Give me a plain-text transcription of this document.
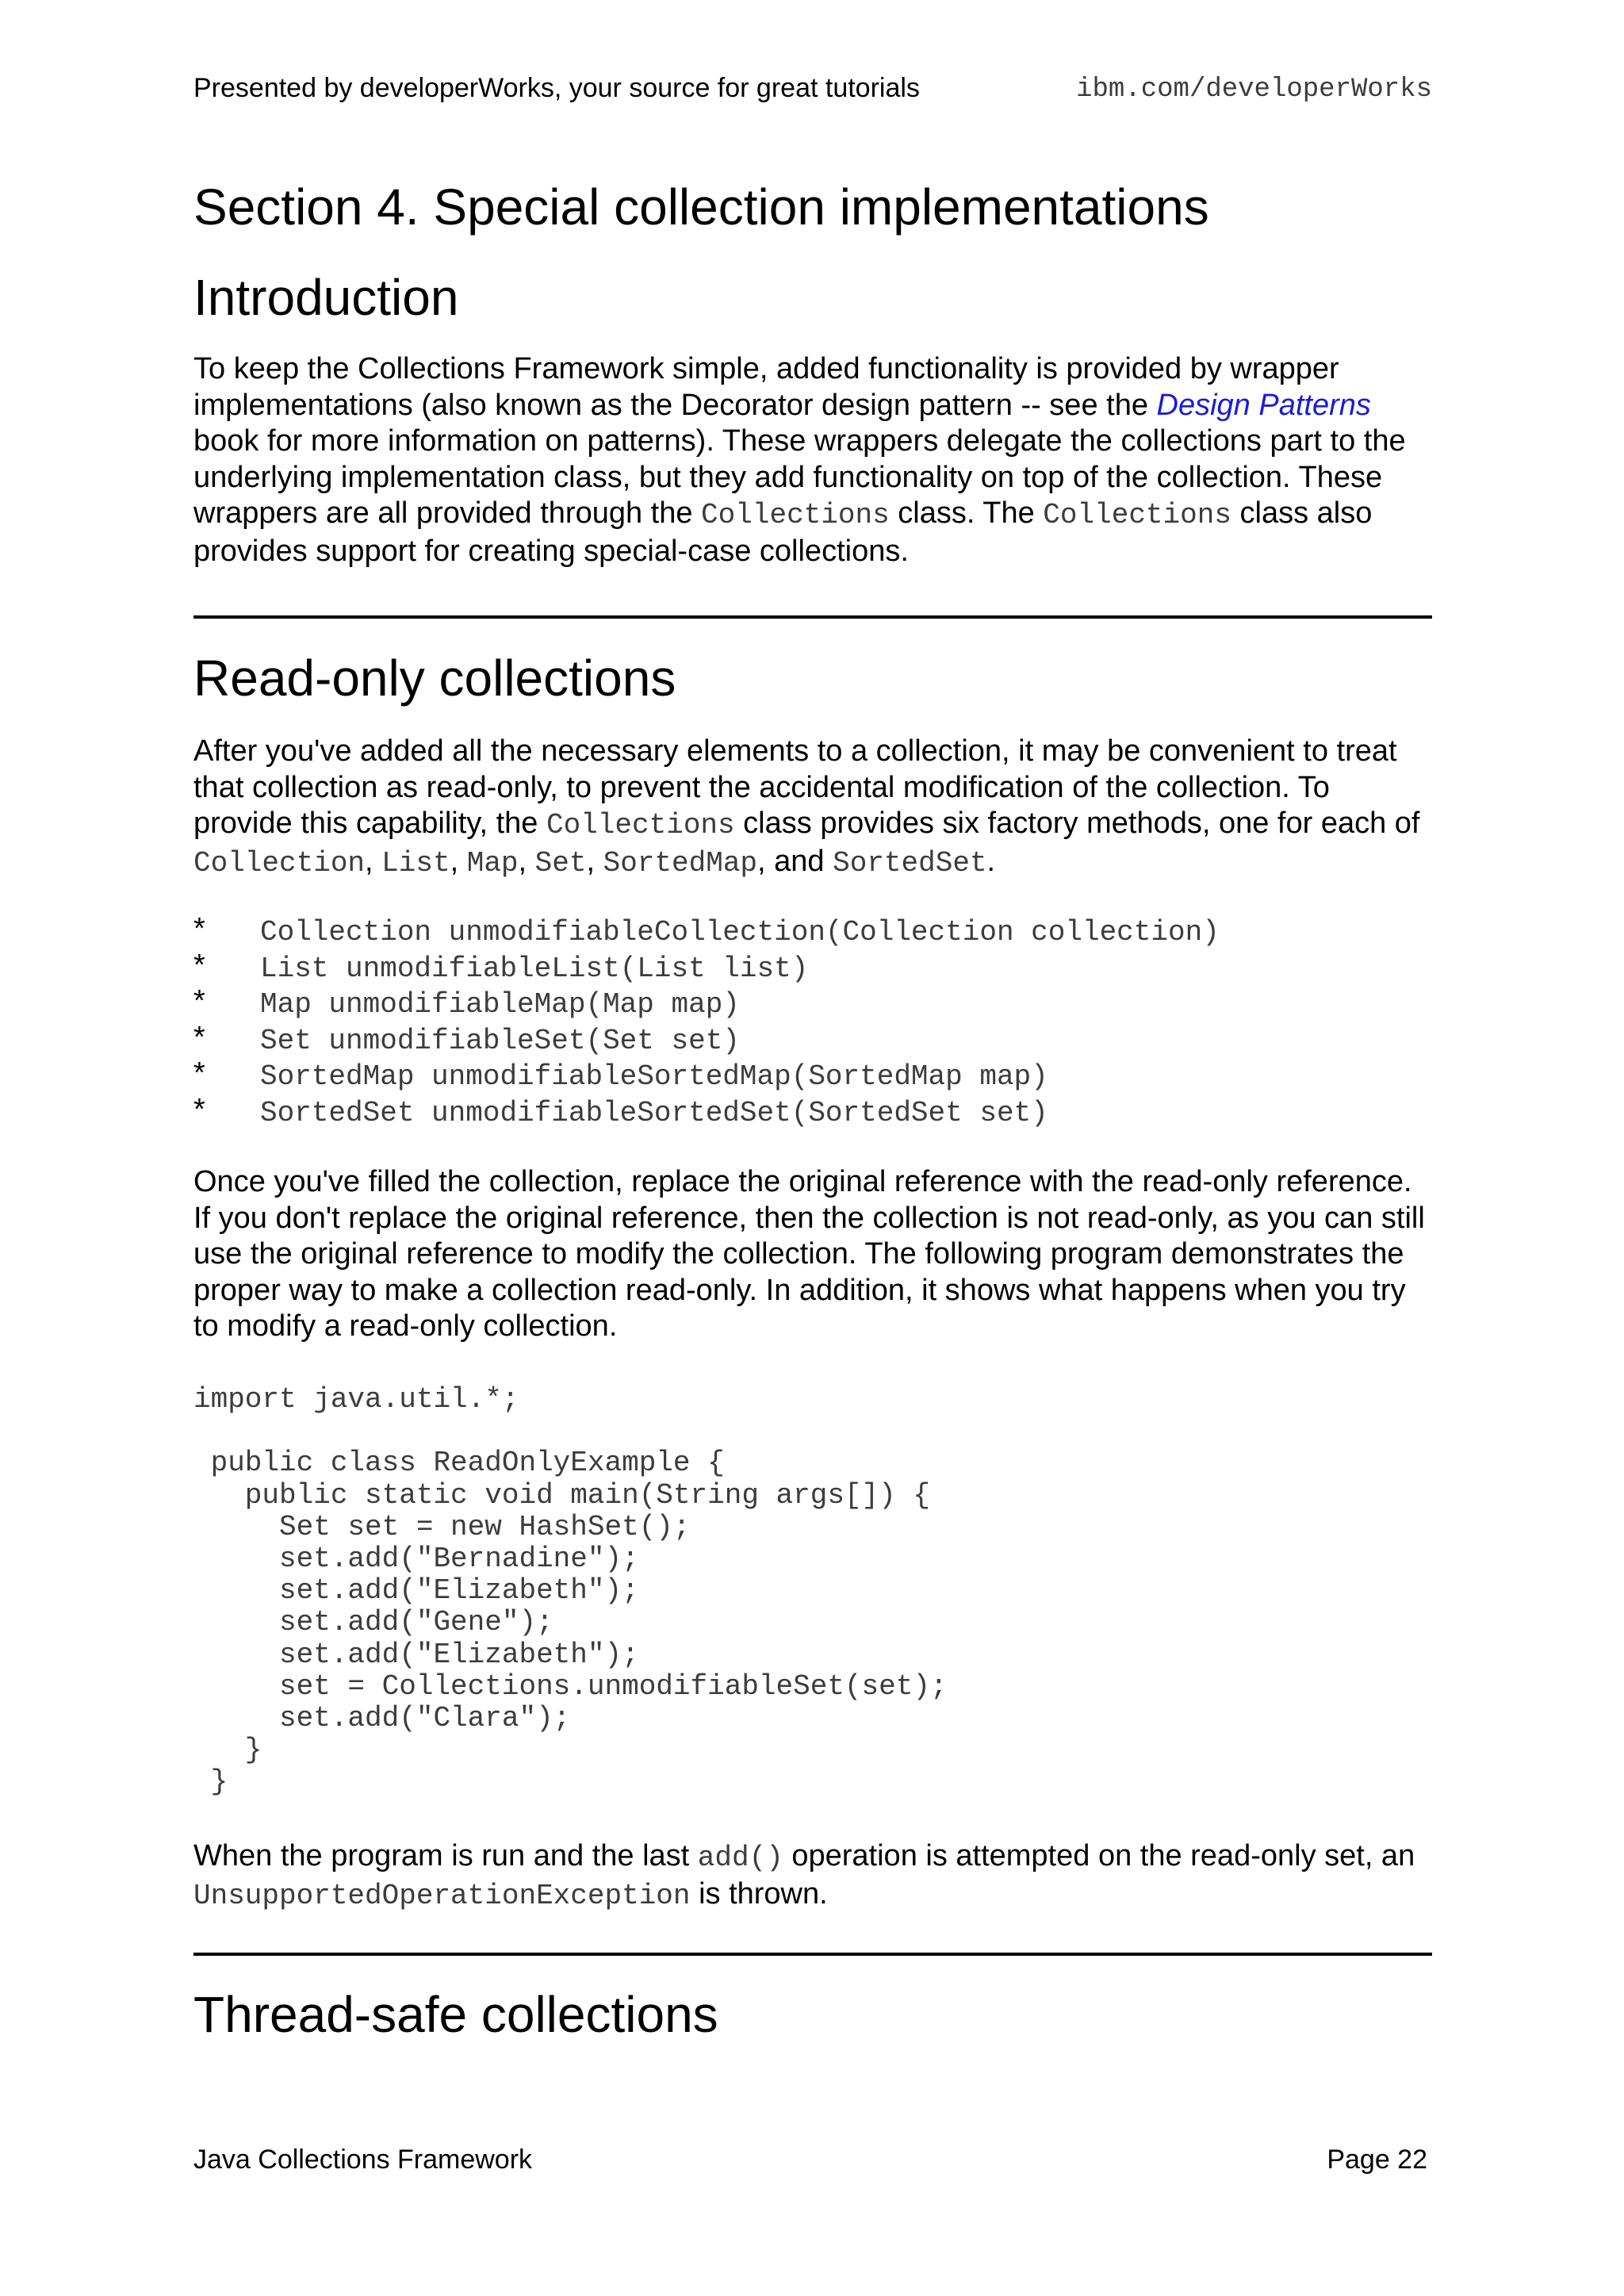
Presented by developerWorks, your source for great tutorials	ibm.com/developerWorks
Section 4. Special collection implementations
Introduction

To keep the Collections Framework simple, added functionality is provided by wrapper implementations (also known as the Decorator design pattern -- see the Design Patterns book for more information on patterns). These wrappers delegate the collections part to the underlying implementation class, but they add functionality on top of the collection. These wrappers are all provided through the Collections class. The Collections class also provides support for creating special-case collections.

Read-only collections

After you've added all the necessary elements to a collection, it may be convenient to treat that collection as read-only, to prevent the accidental modification of the collection. To provide this capability, the Collections class provides six factory methods, one for each of Collection, List, Map, Set, SortedMap, and SortedSet.

* Collection unmodifiableCollection(Collection collection)
* List unmodifiableList(List list)
* Map unmodifiableMap(Map map)
* Set unmodifiableSet(Set set)
* SortedMap unmodifiableSortedMap(SortedMap map)
* SortedSet unmodifiableSortedSet(SortedSet set)

Once you've filled the collection, replace the original reference with the read-only reference. If you don't replace the original reference, then the collection is not read-only, as you can still use the original reference to modify the collection. The following program demonstrates the proper way to make a collection read-only. In addition, it shows what happens when you try to modify a read-only collection.

import java.util.*;

public class ReadOnlyExample {
public static void main(String args[]) {
Set set = new HashSet();
set.add("Bernadine");
set.add("Elizabeth");
set.add("Gene");
set.add("Elizabeth");
set = Collections.unmodifiableSet(set);
set.add("Clara");
}
}

When the program is run and the last add() operation is attempted on the read-only set, an UnsupportedOperationException is thrown.

Thread-safe collections
Java Collections Framework	Page 22
